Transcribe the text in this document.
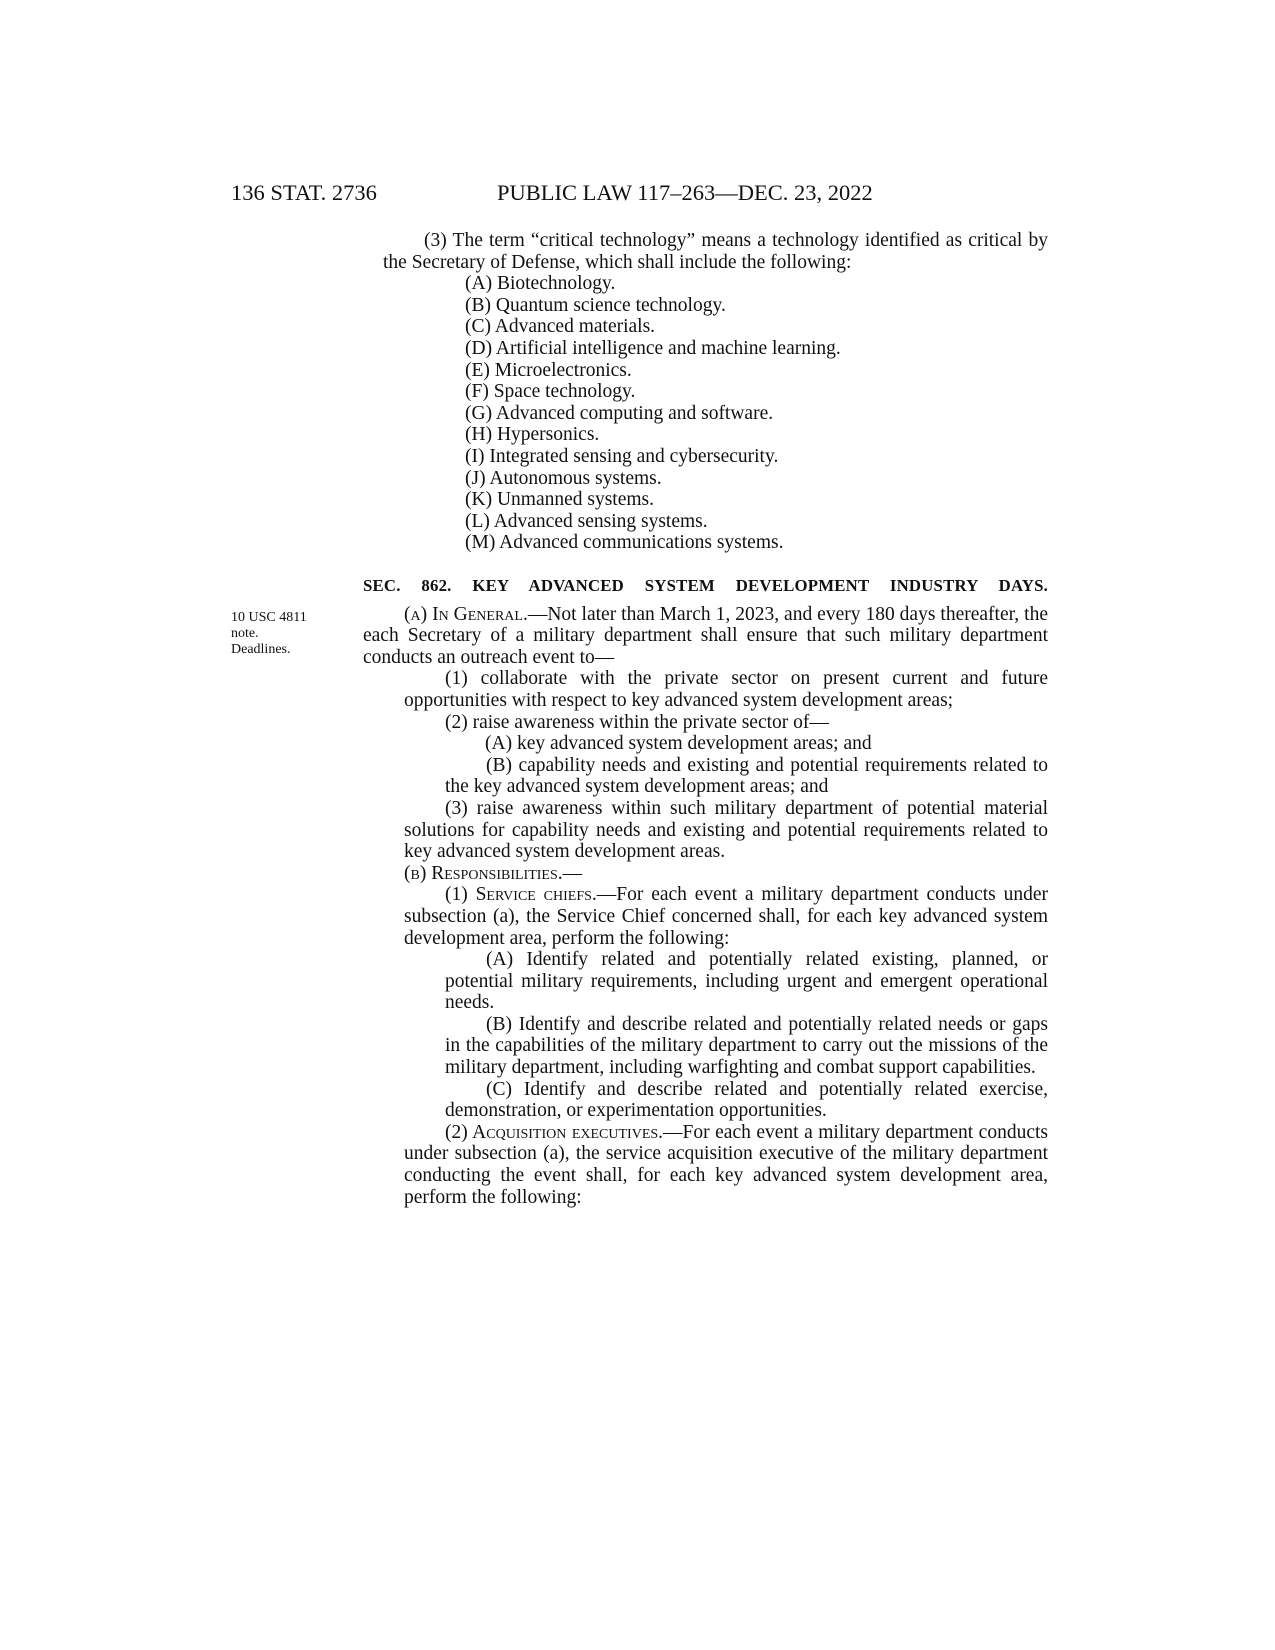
136 STAT. 2736	PUBLIC LAW 117–263—DEC. 23, 2022

(3) The term “critical technology” means a technology identified as critical by the Secretary of Defense, which shall include the following:

(A) Biotechnology.
(B) Quantum science technology.
(C) Advanced materials.
(D) Artificial intelligence and machine learning.
(E) Microelectronics.
(F) Space technology.
(G) Advanced computing and software.
(H) Hypersonics.
(I) Integrated sensing and cybersecurity.
(J) Autonomous systems.
(K) Unmanned systems.
(L) Advanced sensing systems.
(M) Advanced communications systems.
10 USC 4811
note.
Deadlines.

SEC. 862. KEY ADVANCED SYSTEM DEVELOPMENT INDUSTRY DAYS.

(a) In General.—Not later than March 1, 2023, and every 180 days thereafter, the each Secretary of a military department shall ensure that such military department conducts an outreach event to—

(1) collaborate with the private sector on present current and future opportunities with respect to key advanced system development areas;

(2) raise awareness within the private sector of—

(A) key advanced system development areas; and

(B) capability needs and existing and potential requirements related to the key advanced system development areas; and

(3) raise awareness within such military department of potential material solutions for capability needs and existing and potential requirements related to key advanced system development areas.

(b) Responsibilities.—

(1) Service chiefs.—For each event a military department conducts under subsection (a), the Service Chief concerned shall, for each key advanced system development area, perform the following:

(A) Identify related and potentially related existing, planned, or potential military requirements, including urgent and emergent operational needs.

(B) Identify and describe related and potentially related needs or gaps in the capabilities of the military department to carry out the missions of the military department, including warfighting and combat support capabilities.

(C) Identify and describe related and potentially related exercise, demonstration, or experimentation opportunities.

(2) Acquisition executives.—For each event a military department conducts under subsection (a), the service acquisition executive of the military department conducting the event shall, for each key advanced system development area, perform the following:
